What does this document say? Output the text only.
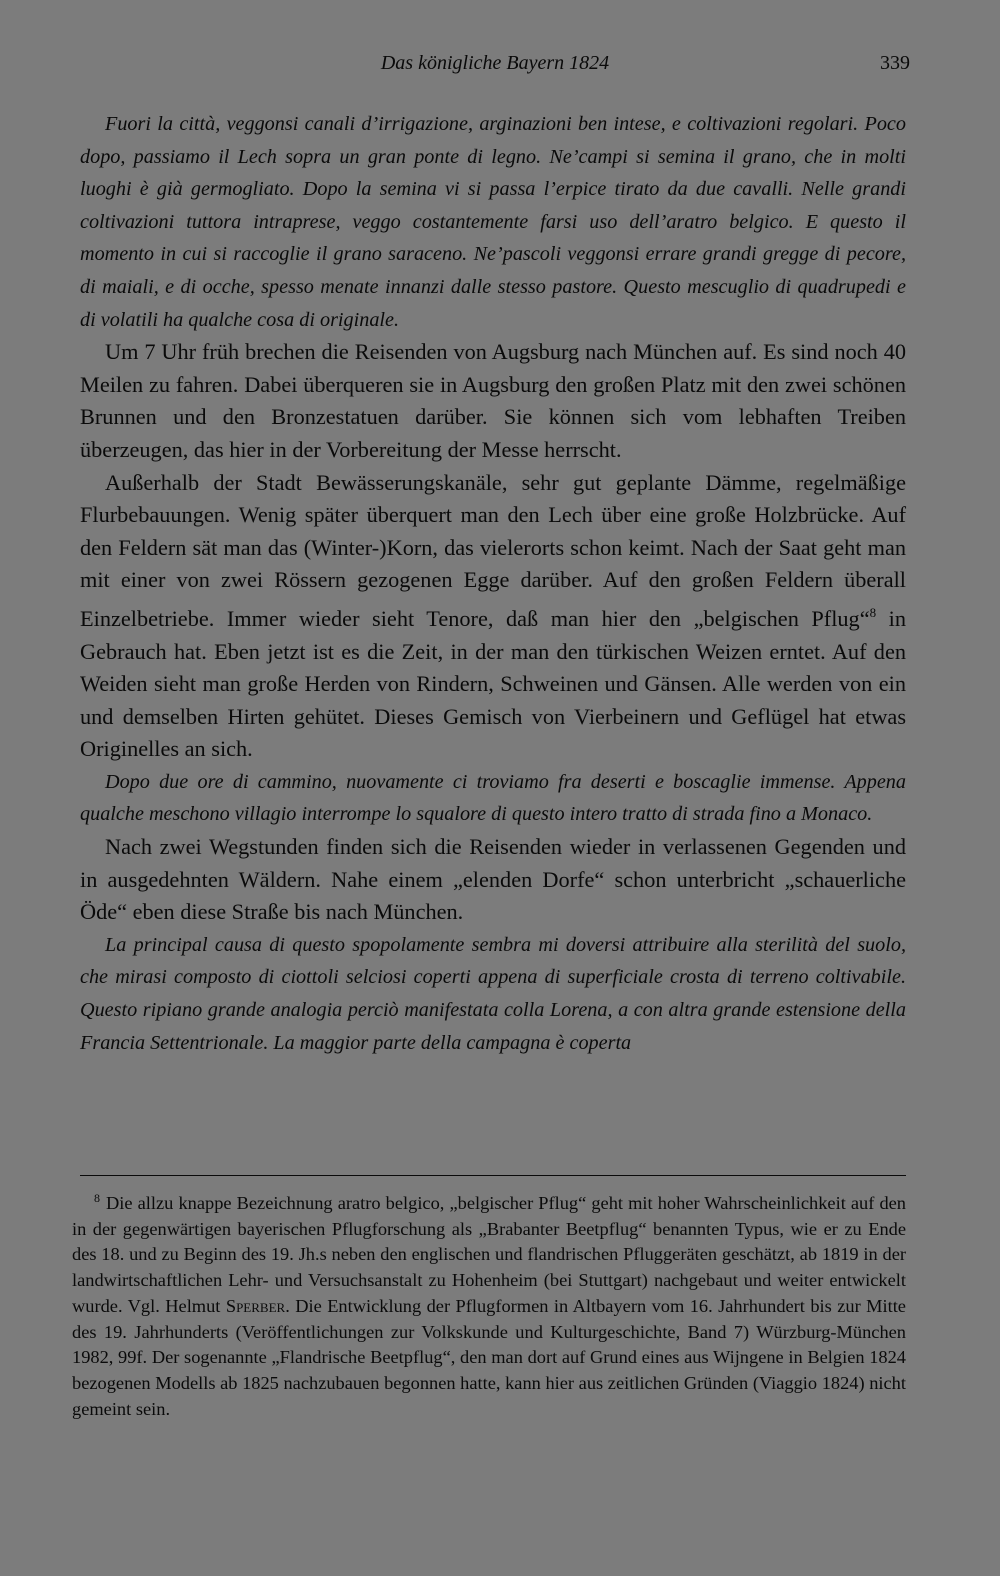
Das königliche Bayern 1824	339

Fuori la città, veggonsi canali d’irrigazione, arginazioni ben intese, e coltivazioni regolari. Poco dopo, passiamo il Lech sopra un gran ponte di legno. Ne’campi si semina il grano, che in molti luoghi è già germogliato. Dopo la semina vi si passa l’erpice tirato da due cavalli. Nelle grandi coltivazioni tuttora intraprese, veggo costantemente farsi uso dell’aratro belgico. E questo il momento in cui si raccoglie il grano saraceno. Ne’pascoli veggonsi errare grandi gregge di pecore, di maiali, e di ocche, spesso menate innanzi dalle stesso pastore. Questo mescuglio di quadrupedi e di volatili ha qualche cosa di originale.

Um 7 Uhr früh brechen die Reisenden von Augsburg nach München auf. Es sind noch 40 Meilen zu fahren. Dabei überqueren sie in Augsburg den großen Platz mit den zwei schönen Brunnen und den Bronzestatuen darüber. Sie können sich vom lebhaften Treiben überzeugen, das hier in der Vorbereitung der Messe herrscht.

Außerhalb der Stadt Bewässerungskanäle, sehr gut geplante Dämme, regelmäßige Flurbebauungen. Wenig später überquert man den Lech über eine große Holzbrücke. Auf den Feldern sät man das (Winter-)Korn, das vielerorts schon keimt. Nach der Saat geht man mit einer von zwei Rössern gezogenen Egge darüber. Auf den großen Feldern überall Einzelbetriebe. Immer wieder sieht Tenore, daß man hier den „belgischen Pflug“$^8$ in Gebrauch hat. Eben jetzt ist es die Zeit, in der man den türkischen Weizen erntet. Auf den Weiden sieht man große Herden von Rindern, Schweinen und Gänsen. Alle werden von ein und demselben Hirten gehütet. Dieses Gemisch von Vierbeinern und Geflügel hat etwas Originelles an sich.

Dopo due ore di cammino, nuovamente ci troviamo fra deserti e boscaglie immense. Appena qualche meschono villagio interrompe lo squalore di questo intero tratto di strada fino a Monaco.

Nach zwei Wegstunden finden sich die Reisenden wieder in verlassenen Gegenden und in ausgedehnten Wäldern. Nahe einem „elenden Dorfe“ schon unterbricht „schauerliche Öde“ eben diese Straße bis nach München.

La principal causa di questo spopolamente sembra mi doversi attribuire alla sterilità del suolo, che mirasi composto di ciottoli selciosi coperti appena di superficiale crosta di terreno coltivabile. Questo ripiano grande analogia perciò manifestata colla Lorena, a con altra grande estensione della Francia Settentrionale. La maggior parte della campagna è coperta

$^8$ Die allzu knappe Bezeichnung aratro belgico, „belgischer Pflug“ geht mit hoher Wahrscheinlichkeit auf den in der gegenwärtigen bayerischen Pflugforschung als „Brabanter Beetpflug“ benannten Typus, wie er zu Ende des 18. und zu Beginn des 19. Jh.s neben den englischen und flandrischen Pfluggeräten geschätzt, ab 1819 in der landwirtschaftlichen Lehr- und Versuchsanstalt zu Hohenheim (bei Stuttgart) nachgebaut und weiter entwickelt wurde. Vgl. Helmut Sperber. Die Entwicklung der Pflugformen in Altbayern vom 16. Jahrhundert bis zur Mitte des 19. Jahrhunderts (Veröffentlichungen zur Volkskunde und Kulturgeschichte, Band 7) Würzburg-München 1982, 99f. Der sogenannte „Flandrische Beetpflug“, den man dort auf Grund eines aus Wijngene in Belgien 1824 bezogenen Modells ab 1825 nachzubauen begonnen hatte, kann hier aus zeitlichen Gründen (Viaggio 1824) nicht gemeint sein.
